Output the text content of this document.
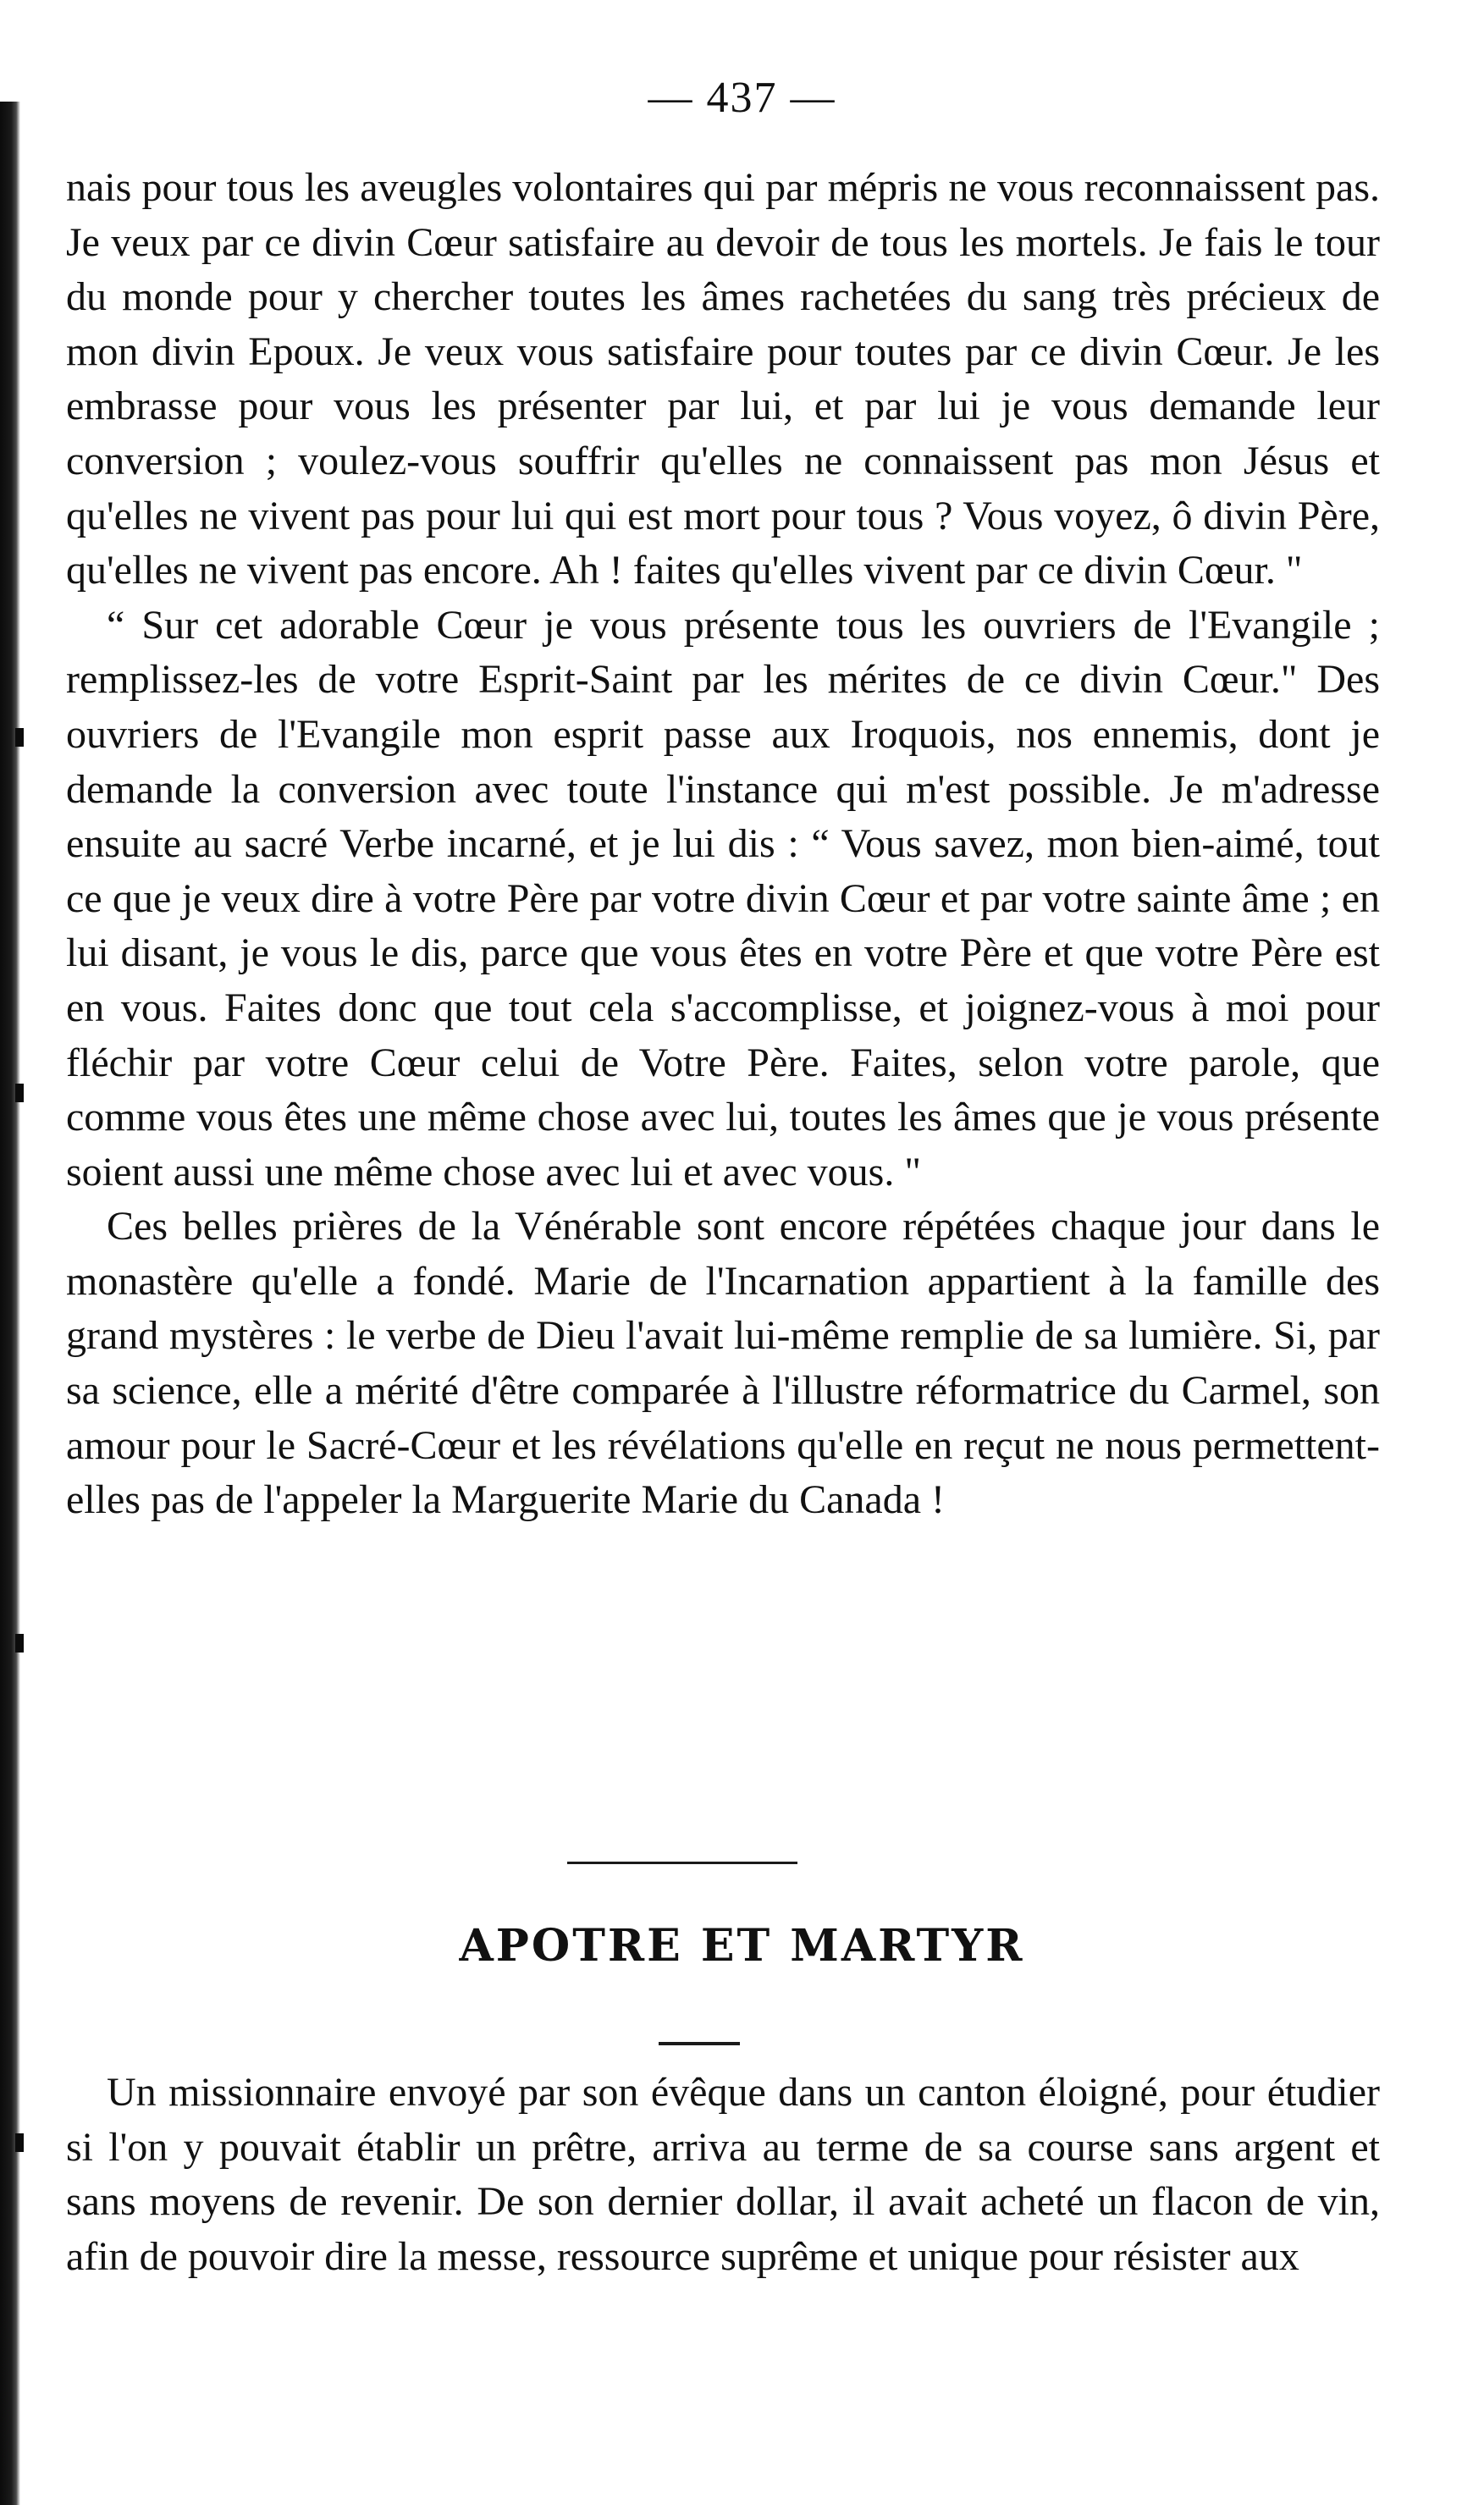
— 437 —

nais pour tous les aveugles volontaires qui par mépris ne vous reconnaissent pas. Je veux par ce divin Cœur satisfaire au devoir de tous les mortels. Je fais le tour du monde pour y chercher toutes les âmes rachetées du sang très précieux de mon divin Epoux. Je veux vous satisfaire pour toutes par ce divin Cœur. Je les embrasse pour vous les présenter par lui, et par lui je vous demande leur conversion ; voulez-vous souffrir qu'elles ne connaissent pas mon Jésus et qu'elles ne vivent pas pour lui qui est mort pour tous ? Vous voyez, ô divin Père, qu'elles ne vivent pas encore. Ah ! faites qu'elles vivent par ce divin Cœur. "

“ Sur cet adorable Cœur je vous présente tous les ouvriers de l'Evangile ; remplissez-les de votre Esprit-Saint par les mérites de ce divin Cœur." Des ouvriers de l'Evangile mon esprit passe aux Iroquois, nos ennemis, dont je demande la conversion avec toute l'instance qui m'est possible. Je m'adresse ensuite au sacré Verbe incarné, et je lui dis : “ Vous savez, mon bien-aimé, tout ce que je veux dire à votre Père par votre divin Cœur et par votre sainte âme ; en lui disant, je vous le dis, parce que vous êtes en votre Père et que votre Père est en vous. Faites donc que tout cela s'accomplisse, et joignez-vous à moi pour fléchir par votre Cœur celui de Votre Père. Faites, selon votre parole, que comme vous êtes une même chose avec lui, toutes les âmes que je vous présente soient aussi une même chose avec lui et avec vous. "

Ces belles prières de la Vénérable sont encore répétées chaque jour dans le monastère qu'elle a fondé. Marie de l'Incarnation appartient à la famille des grand mystères : le verbe de Dieu l'avait lui-même remplie de sa lumière. Si, par sa science, elle a mérité d'être comparée à l'illustre réformatrice du Carmel, son amour pour le Sacré-Cœur et les révélations qu'elle en reçut ne nous permettent-elles pas de l'appeler la Marguerite Marie du Canada !

APOTRE ET MARTYR

Un missionnaire envoyé par son évêque dans un canton éloigné, pour étudier si l'on y pouvait établir un prêtre, arriva au terme de sa course sans argent et sans moyens de revenir. De son dernier dollar, il avait acheté un flacon de vin, afin de pouvoir dire la messe, ressource suprême et unique pour résister aux
